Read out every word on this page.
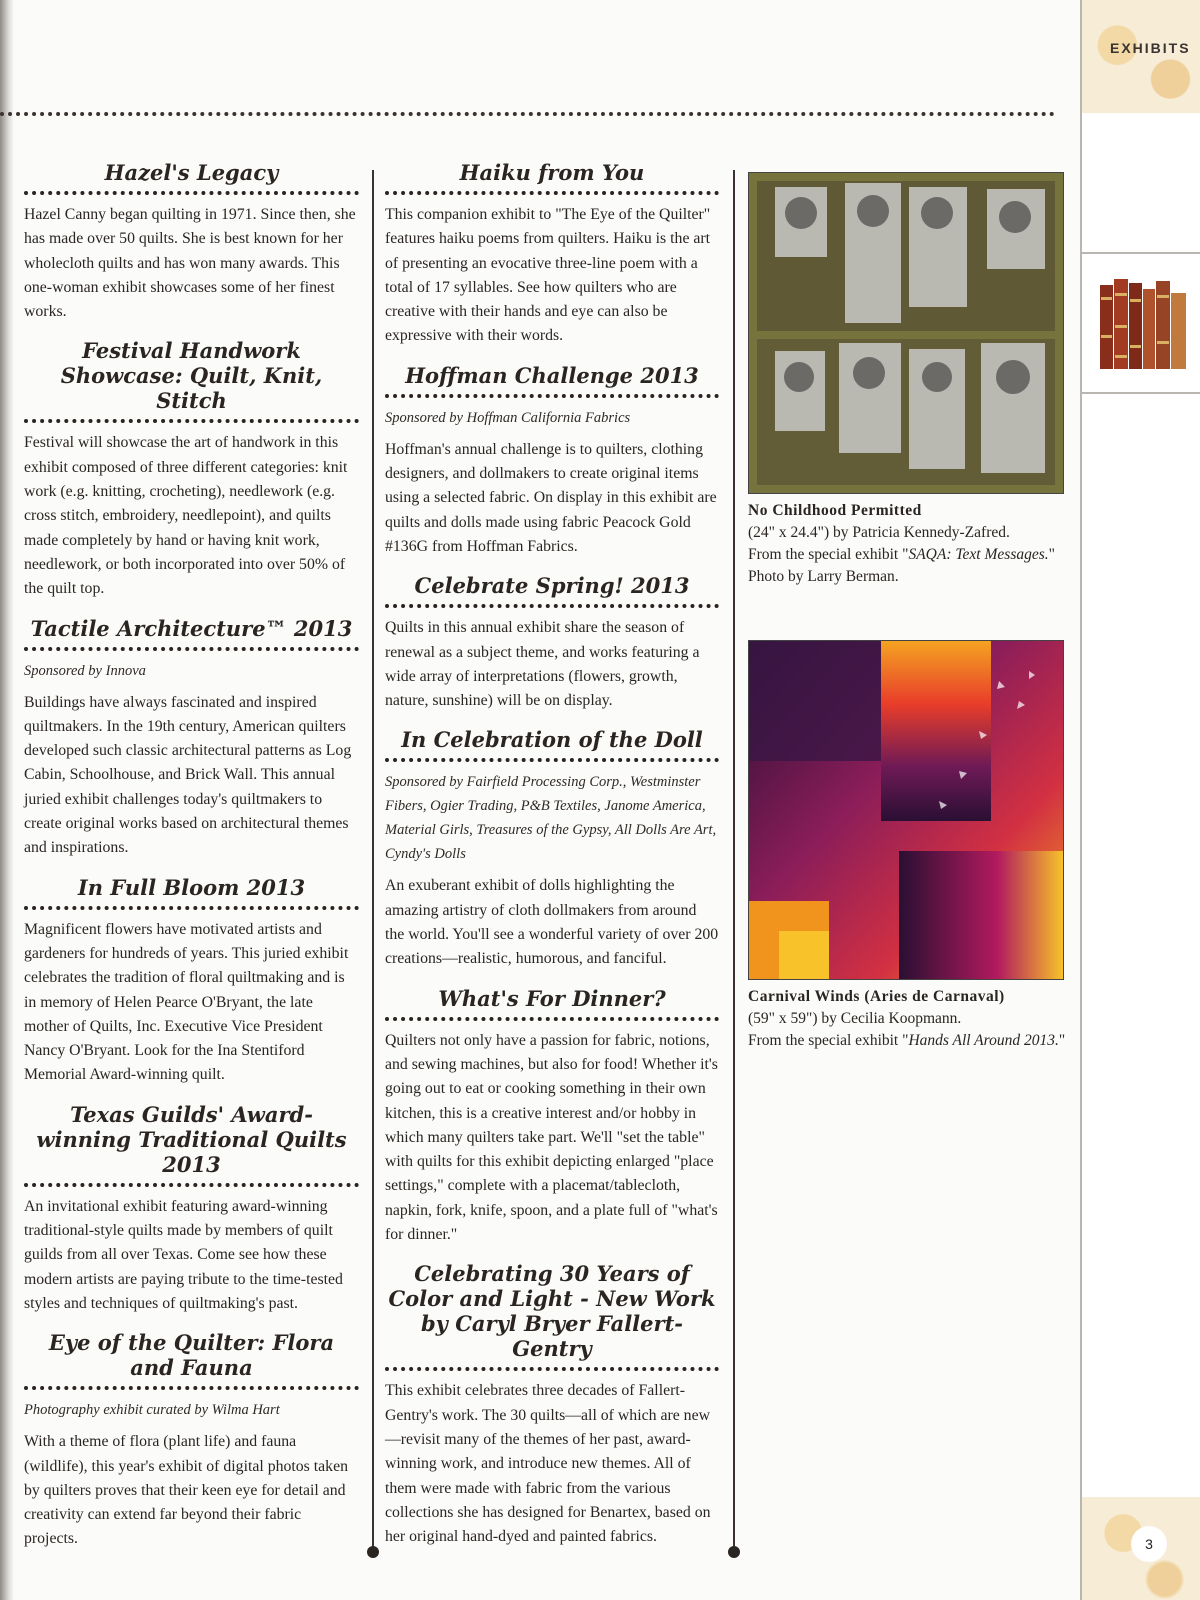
EXHIBITS
3
Hazel's Legacy

Hazel Canny began quilting in 1971. Since then, she has made over 50 quilts. She is best known for her wholecloth quilts and has won many awards. This one-woman exhibit showcases some of her finest works.

Festival Handwork Showcase: Quilt, Knit, Stitch

Festival will showcase the art of handwork in this exhibit composed of three different categories: knit work (e.g. knitting, crocheting), needlework (e.g. cross stitch, embroidery, needlepoint), and quilts made completely by hand or having knit work, needlework, or both incorporated into over 50% of the quilt top.

Tactile Architecture™ 2013

Sponsored by Innova

Buildings have always fascinated and inspired quiltmakers. In the 19th century, American quilters developed such classic architectural patterns as Log Cabin, Schoolhouse, and Brick Wall. This annual juried exhibit challenges today's quiltmakers to create original works based on architectural themes and inspirations.

In Full Bloom 2013

Magnificent flowers have motivated artists and gardeners for hundreds of years. This juried exhibit celebrates the tradition of floral quiltmaking and is in memory of Helen Pearce O'Bryant, the late mother of Quilts, Inc. Executive Vice President Nancy O'Bryant. Look for the Ina Stentiford Memorial Award-winning quilt.

Texas Guilds' Award-winning Traditional Quilts 2013

An invitational exhibit featuring award-winning traditional-style quilts made by members of quilt guilds from all over Texas. Come see how these modern artists are paying tribute to the time-tested styles and techniques of quiltmaking's past.

Eye of the Quilter: Flora and Fauna

Photography exhibit curated by Wilma Hart

With a theme of flora (plant life) and fauna (wildlife), this year's exhibit of digital photos taken by quilters proves that their keen eye for detail and creativity can extend far beyond their fabric projects.

Haiku from You

This companion exhibit to "The Eye of the Quilter" features haiku poems from quilters. Haiku is the art of presenting an evocative three-line poem with a total of 17 syllables. See how quilters who are creative with their hands and eye can also be expressive with their words.

Hoffman Challenge 2013

Sponsored by Hoffman California Fabrics

Hoffman's annual challenge is to quilters, clothing designers, and dollmakers to create original items using a selected fabric. On display in this exhibit are quilts and dolls made using fabric Peacock Gold #136G from Hoffman Fabrics.

Celebrate Spring! 2013

Quilts in this annual exhibit share the season of renewal as a subject theme, and works featuring a wide array of interpretations (flowers, growth, nature, sunshine) will be on display.

In Celebration of the Doll

Sponsored by Fairfield Processing Corp., Westminster Fibers, Ogier Trading, P&B Textiles, Janome America, Material Girls, Treasures of the Gypsy, All Dolls Are Art, Cyndy's Dolls

An exuberant exhibit of dolls highlighting the amazing artistry of cloth dollmakers from around the world. You'll see a wonderful variety of over 200 creations—realistic, humorous, and fanciful.

What's For Dinner?

Quilters not only have a passion for fabric, notions, and sewing machines, but also for food! Whether it's going out to eat or cooking something in their own kitchen, this is a creative interest and/or hobby in which many quilters take part. We'll "set the table" with quilts for this exhibit depicting enlarged "place settings," complete with a placemat/tablecloth, napkin, fork, knife, spoon, and a plate full of "what's for dinner."

Celebrating 30 Years of Color and Light - New Work by Caryl Bryer Fallert-Gentry

This exhibit celebrates three decades of Fallert-Gentry's work. The 30 quilts—all of which are new—revisit many of the themes of her past, award-winning work, and introduce new themes. All of them were made with fabric from the various collections she has designed for Benartex, based on her original hand-dyed and painted fabrics.

No Childhood Permitted
(24" x 24.4") by Patricia Kennedy-Zafred.
From the special exhibit "SAQA: Text Messages."
Photo by Larry Berman.
Carnival Winds (Aries de Carnaval)
(59" x 59") by Cecilia Koopmann.
From the special exhibit "Hands All Around 2013."
